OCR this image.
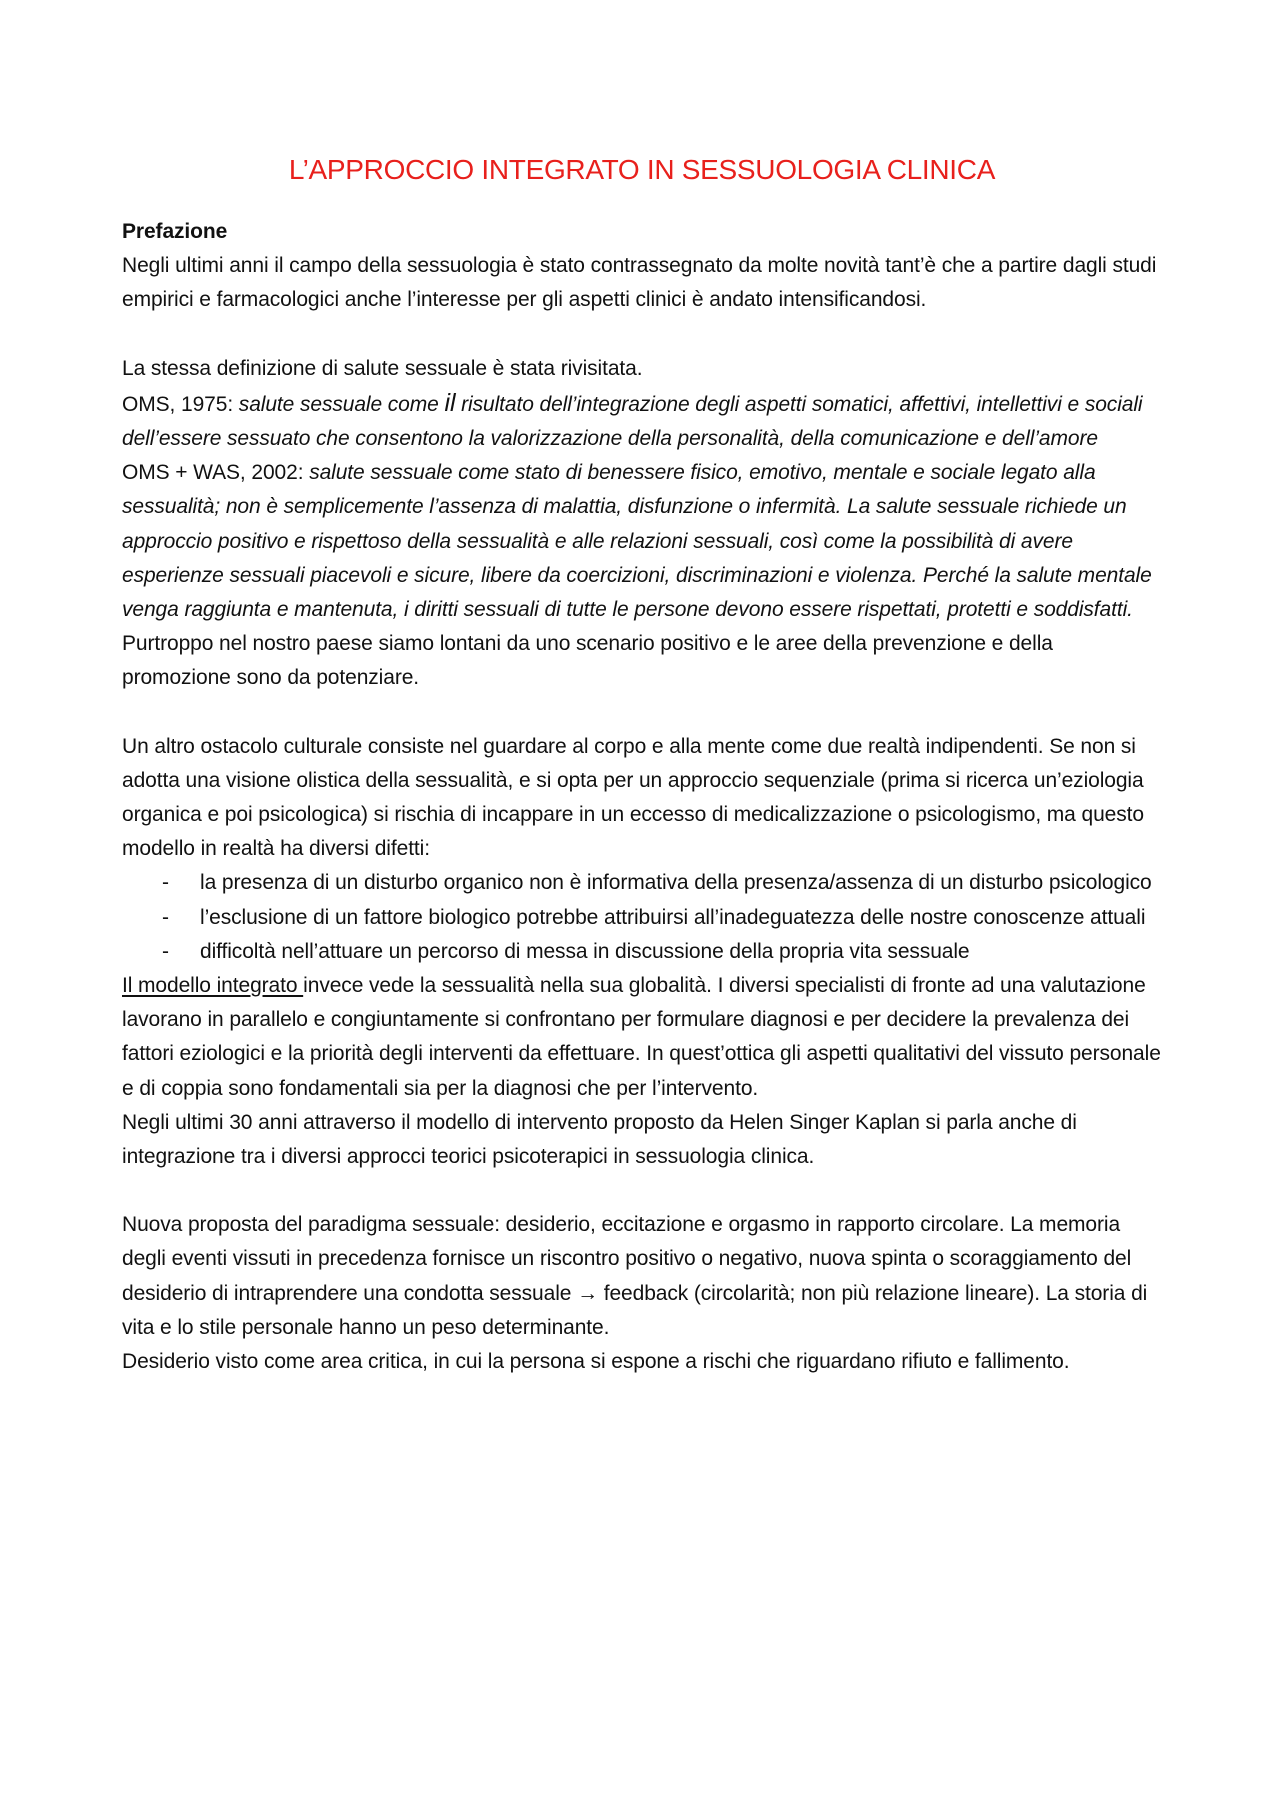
L’APPROCCIO INTEGRATO IN SESSUOLOGIA CLINICA

Prefazione

Negli ultimi anni il campo della sessuologia è stato contrassegnato da molte novità tant’è che a partire dagli studi empirici e farmacologici anche l’interesse per gli aspetti clinici è andato intensificandosi.

La stessa definizione di salute sessuale è stata rivisitata.

OMS, 1975: salute sessuale come il risultato dell’integrazione degli aspetti somatici, affettivi, intellettivi e sociali dell’essere sessuato che consentono la valorizzazione della personalità, della comunicazione e dell’amore

OMS + WAS, 2002: salute sessuale come stato di benessere fisico, emotivo, mentale e sociale legato alla sessualità; non è semplicemente l’assenza di malattia, disfunzione o infermità. La salute sessuale richiede un approccio positivo e rispettoso della sessualità e alle relazioni sessuali, così come la possibilità di avere esperienze sessuali piacevoli e sicure, libere da coercizioni, discriminazioni e violenza. Perché la salute mentale venga raggiunta e mantenuta, i diritti sessuali di tutte le persone devono essere rispettati, protetti e soddisfatti.

Purtroppo nel nostro paese siamo lontani da uno scenario positivo e le aree della prevenzione e della promozione sono da potenziare.

Un altro ostacolo culturale consiste nel guardare al corpo e alla mente come due realtà indipendenti. Se non si adotta una visione olistica della sessualità, e si opta per un approccio sequenziale (prima si ricerca un’eziologia organica e poi psicologica) si rischia di incappare in un eccesso di medicalizzazione o psicologismo, ma questo modello in realtà ha diversi difetti:

- la presenza di un disturbo organico non è informativa della presenza/assenza di un disturbo psicologico
- l’esclusione di un fattore biologico potrebbe attribuirsi all’inadeguatezza delle nostre conoscenze attuali
- difficoltà nell’attuare un percorso di messa in discussione della propria vita sessuale

Il modello integrato invece vede la sessualità nella sua globalità. I diversi specialisti di fronte ad una valutazione lavorano in parallelo e congiuntamente si confrontano per formulare diagnosi e per decidere la prevalenza dei fattori eziologici e la priorità degli interventi da effettuare. In quest’ottica gli aspetti qualitativi del vissuto personale e di coppia sono fondamentali sia per la diagnosi che per l’intervento.

Negli ultimi 30 anni attraverso il modello di intervento proposto da Helen Singer Kaplan si parla anche di integrazione tra i diversi approcci teorici psicoterapici in sessuologia clinica.

Nuova proposta del paradigma sessuale: desiderio, eccitazione e orgasmo in rapporto circolare. La memoria degli eventi vissuti in precedenza fornisce un riscontro positivo o negativo, nuova spinta o scoraggiamento del desiderio di intraprendere una condotta sessuale → feedback (circolarità; non più relazione lineare). La storia di vita e lo stile personale hanno un peso determinante.

Desiderio visto come area critica, in cui la persona si espone a rischi che riguardano rifiuto e fallimento.
